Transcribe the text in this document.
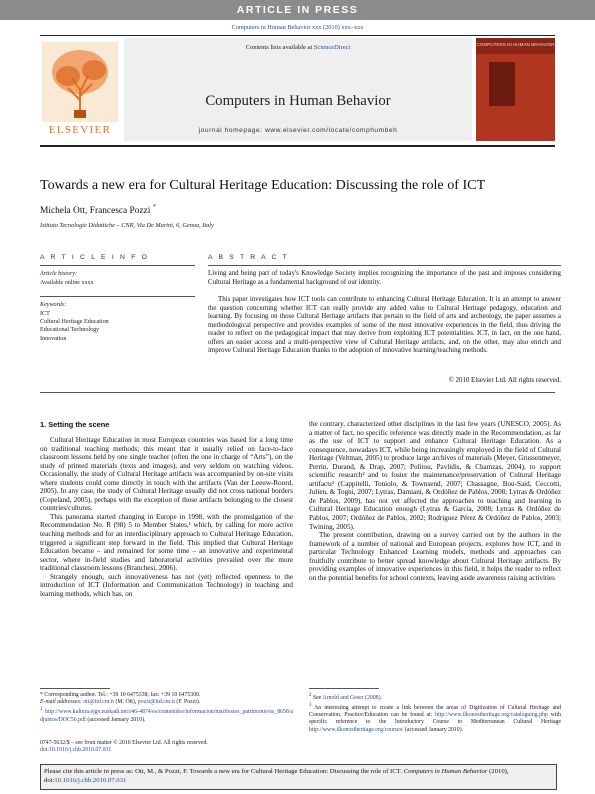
ARTICLE IN PRESS
Computers in Human Behavior xxx (2010) xxx–xxx
ELSEVIER
Contents lists available at ScienceDirect
Computers in Human Behavior
journal homepage: www.elsevier.com/locate/comphumbeh
COMPUTERS IN HUMAN BEHAVIOR
Towards a new era for Cultural Heritage Education: Discussing the role of ICT
Michela Ott, Francesca Pozzi *
Istituto Tecnologie Didattiche – CNR, Via De Marini, 6, Genoa, Italy
A R T I C L E I N F O
Article history:
Available online xxxx
Keywords:
ICT
Cultural Heritage Education
Educational Technology
Innovation
A B S T R A C T
Living and being part of today's Knowledge Society implies recognizing the importance of the past and imposes considering Cultural Heritage as a fundamental background of our identity.
This paper investigates how ICT tools can contribute to enhancing Cultural Heritage Education. It is an attempt to answer the question concerning whether ICT can really provide any added value to Cultural Heritage pedagogy, education and learning. By focusing on those Cultural Heritage artifacts that pertain to the field of arts and archeology, the paper assumes a methodological perspective and provides examples of some of the most innovative experiences in the field, thus driving the reader to reflect on the pedagogical impact that may derive from exploiting ICT potentialities. ICT, in fact, on the one hand, offers an easier access and a multi-perspective view of Cultural Heritage artifacts, and, on the other, may also enrich and improve Cultural Heritage Education thanks to the adoption of innovative learning/teaching methods.
© 2010 Elsevier Ltd. All rights reserved.
1. Setting the scene

Cultural Heritage Education in most European countries was based for a long time on traditional teaching methods; this meant that it usually relied on face-to-face classroom lessons held by one single teacher (often the one in charge of “Arts”), on the study of printed materials (texts and images), and very seldom on watching videos. Occasionally, the study of Cultural Heritage artifacts was accompanied by on-site visits where students could come directly in touch with the artifacts (Van der Leeuw-Roord, 2005). In any case, the study of Cultural Heritage usually did not cross national borders (Copeland, 2005), perhaps with the exception of those artifacts belonging to the closest countries/cultures.

This panorama started changing in Europe in 1998, with the promulgation of the Recommendation No. R (98) 5 to Member States,¹ which, by calling for more active teaching methods and for an interdisciplinary approach to Cultural Heritage Education, triggered a significant step forward in the field. This implied that Cultural Heritage Education became – and remained for some time – an innovative and experimental sector, where in-field studies and laboratorial activities prevailed over the more traditional classroom lessons (Branchesi, 2006).

Strangely enough, such innovativeness has not (yet) reflected openness to the introduction of ICT (Information and Communication Technology) in teaching and learning methods, which has, on

the contrary, characterized other disciplines in the last few years (UNESCO, 2005). As a matter of fact, no specific reference was directly made in the Recommendation, as far as the use of ICT to support and enhance Cultural Heritage Education. As a consequence, nowadays ICT, while being increasingly employed in the field of Cultural Heritage (Veltman, 2005) to produce large archives of materials (Meyer, Grussenmeyer, Perrin, Durand, & Drap, 2007; Politou, Pavlidis, & Chamzas, 2004), to support scientific research² and to foster the maintenance/preservation of Cultural Heritage artifacts³ (Cappitelli, Toniolo, & Townsend, 2007; Chassagne, Bou-Said, Ceccotti, Julien, & Togni, 2007; Lytras, Damiani, & Ordóñez de Pablos, 2008; Lytras & Ordóñez de Pablos, 2009), has not yet affected the approaches to teaching and learning in Cultural Heritage Education enough (Lytras & Garcia, 2008; Lytras & Ordóñez de Pablos, 2007; Ordóñez de Pablos, 2002; Rodriguez Pérez & Ordóñez de Pablos, 2003; Twining, 2005).

The present contribution, drawing on a survey carried out by the authors in the framework of a number of national and European projects, explores how ICT, and in particular Technology Enhanced Learning models, methods and approaches can fruitfully contribute to better spread knowledge about Cultural Heritage artifacts. By providing examples of innovative experiences in this field, it helps the reader to reflect on the potential benefits for school contexts, leaving aside awareness raising activities

* Corresponding author. Tel.: +39 10 6475338; fax: +39 10 6475300.
E-mail addresses: ott@itd.cnr.it (M. Ott), pozzi@itd.cnr.it (F. Pozzi).
$^1$ http://www.kultura.ejgv.euskadi.net/r46-4874/es/contenidos/informacion/marifestos_patrimonio/es_8658/adjuntos/DOC56.pdf (accessed January 2010).
$^2$ See Arnold and Geser (2008).
$^3$ An interesting attempt to create a link between the areas of Digitization of Cultural Heritage and Conservation. Practice/Education can be found at: http://www.ilkonostheritage.org/cataloguing.php with specific reference to the Introductory Course to Mediterranean Cultural Heritage http://www.ilkonostheritage.org/courses/ (accessed January 2010).
0747-5632/$ – see front matter © 2010 Elsevier Ltd. All rights reserved.
doi:10.1016/j.chb.2010.07.031
Please cite this article in press as: Ott, M., & Pozzi, F. Towards a new era for Cultural Heritage Education: Discussing the role of ICT. Computers in Human Behavior (2010), doi:10.1016/j.chb.2010.07.031
